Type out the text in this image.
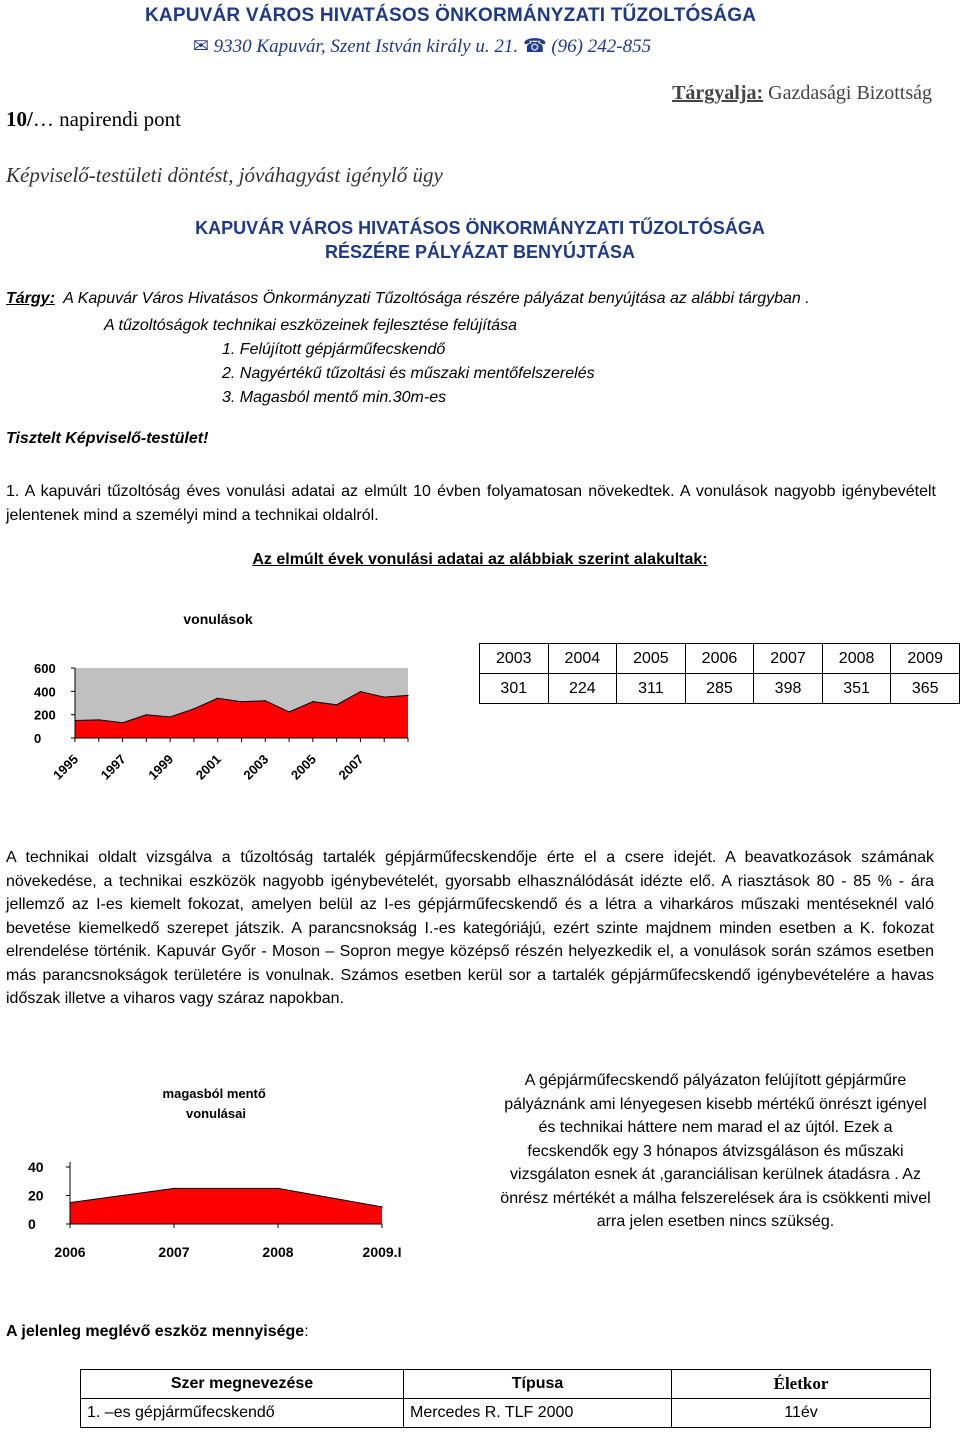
KAPUVÁR VÁROS HIVATÁSOS ÖNKORMÁNYZATI TŰZOLTÓSÁGA
✉ 9330 Kapuvár, Szent István király u. 21. ☎ (96) 242-855
Tárgyalja: Gazdasági Bizottság
10/… napirendi pont
Képviselő-testületi döntést, jóváhagyást igénylő ügy
KAPUVÁR VÁROS HIVATÁSOS ÖNKORMÁNYZATI TŰZOLTÓSÁGA
RÉSZÉRE PÁLYÁZAT BENYÚJTÁSA
Tárgy: A Kapuvár Város Hivatásos Önkormányzati Tűzoltósága részére pályázat benyújtása az alábbi tárgyban .
A tűzoltóságok technikai eszközeinek fejlesztése felújítása
1. Felújított gépjárműfecskendő
2. Nagyértékű tűzoltási és műszaki mentőfelszerelés
3. Magasból mentő min.30m-es
Tisztelt Képviselő-testület!
1. A kapuvári tűzoltóság éves vonulási adatai az elmúlt 10 évben folyamatosan növekedtek. A vonulások nagyobb igénybevételt jelentenek mind a személyi mind a technikai oldalról.
Az elmúlt évek vonulási adatai az alábbiak szerint alakultak:
vonulások
600
400
200
0
1995 1997 1999 2001 2003 2005 2007
2003	2004	2005	2006	2007	2008	2009
301	224	311	285	398	351	365
A technikai oldalt vizsgálva a tűzoltóság tartalék gépjárműfecskendője érte el a csere idejét. A beavatkozások számának növekedése, a technikai eszközök nagyobb igénybevételét, gyorsabb elhasználódását idézte elő. A riasztások 80 - 85 % - ára jellemző az I-es kiemelt fokozat, amelyen belül az I-es gépjárműfecskendő és a létra a viharkáros műszaki mentéseknél való bevetése kiemelkedő szerepet játszik. A parancsnokság I.-es kategóriájú, ezért szinte majdnem minden esetben a K. fokozat elrendelése történik. Kapuvár Győr - Moson – Sopron megye középső részén helyezkedik el, a vonulások során számos esetben más parancsnokságok területére is vonulnak. Számos esetben kerül sor a tartalék gépjárműfecskendő igénybevételére a havas időszak illetve a viharos vagy száraz napokban.
magasból mentő vonulásai
40
20
0
2006	2007	2008	2009.I
A gépjárműfecskendő pályázaton felújított gépjárműre pályáznánk ami lényegesen kisebb mértékű önrészt igényel és technikai háttere nem marad el az újtól. Ezek a fecskendők egy 3 hónapos átvizsgáláson és műszaki vizsgálaton esnek át ,garanciálisan kerülnek átadásra . Az önrész mértékét a málha felszerelések ára is csökkenti mivel arra jelen esetben nincs szükség.
A jelenleg meglévő eszköz mennyisége:
Szer megnevezése	Típusa	Életkor
1. –es gépjárműfecskendő	Mercedes R. TLF 2000	11év
